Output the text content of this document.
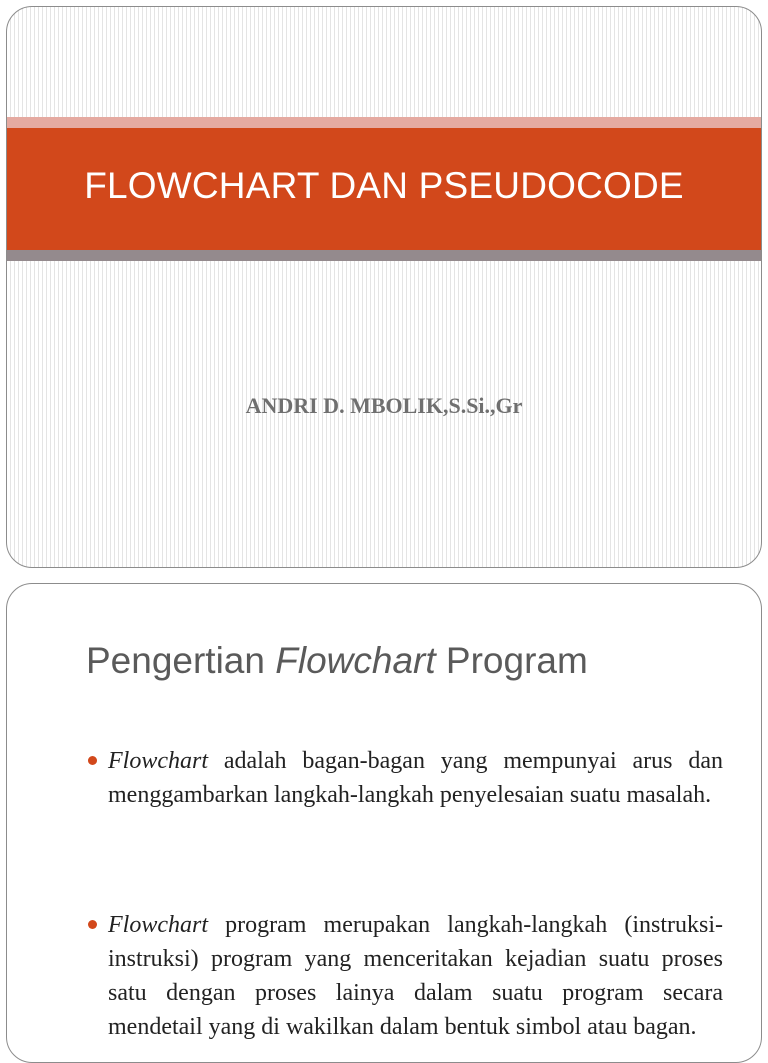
FLOWCHART DAN PSEUDOCODE
ANDRI D. MBOLIK,S.Si.,Gr
Pengertian Flowchart Program
Flowchart adalah bagan-bagan yang mempunyai arus dan menggambarkan langkah-langkah penyelesaian suatu masalah.
Flowchart program merupakan langkah-langkah (instruksi-instruksi) program yang menceritakan kejadian suatu proses satu dengan proses lainya dalam suatu program secara mendetail yang di wakilkan dalam bentuk simbol atau bagan.
